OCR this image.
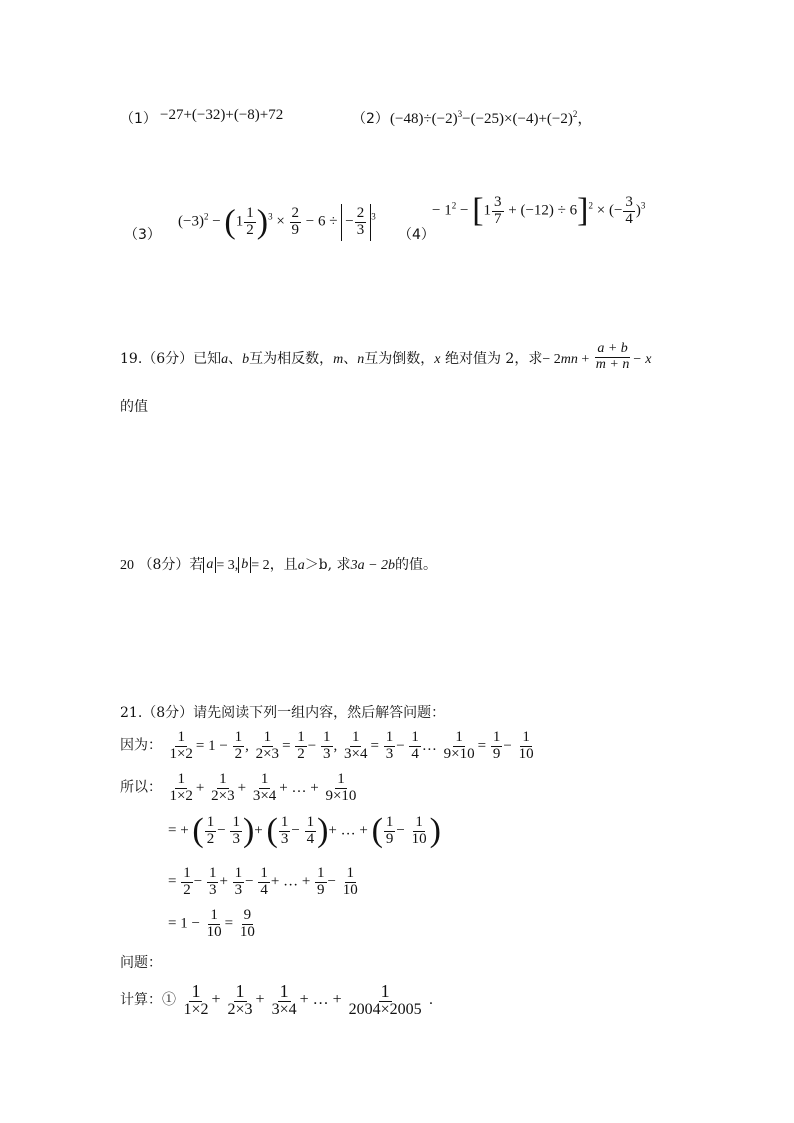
（1） −27+(−32)+(−8)+72	（2） $(-48)\div(-2)^3-(-25)\times(-4)+(-2)^2$，
（3）
$(-3)^2 - (1 \frac{1}{2} )^3 \times \frac{2}{9} - 6$ ÷ − $\frac{2}{3} ^3$
（4）
− $1^2 - [1 \frac{3}{7} + (-12) \div 6]^2$ × (− $\frac{3}{4} )^3$
19.（6分）已知a、b互为相反数，m、n互为倒数，x 绝对值为 2，求− $2mn + \frac{a + b}{m + n} - x$
的值
20 （8分）若 a = 3, b = 2，且a＞b, 求3a − 2b的值。
21.（8分）请先阅读下列一组内容，然后解答问题：
因为： $\frac{1}{1\times 2} = 1 - \frac{1}{2}$ , $\frac{1}{2\times 3} = \frac{1}{2} - \frac{1}{3}$ , $\frac{1}{3\times 4} = \frac{1}{3} - \frac{1}{4}$ … $\frac{1}{9\times 10} = \frac{1}{9} - \frac{1}{10}$
所以： $\frac{1}{1\times 2} + \frac{1}{2\times 3} + \frac{1}{3\times 4}$ + … + $\frac{1}{9\times 10}$
= + ( $\frac{1}{2} - \frac{1}{3}$ )+ ( $\frac{1}{3} - \frac{1}{4}$ )+ … + ( $\frac{1}{9} - \frac{1}{10}$ )
= $\frac{1}{2} - \frac{1}{3} + \frac{1}{3} - \frac{1}{4}$ + … + $\frac{1}{9} - \frac{1}{10}$
= $1 - \frac{1}{10} = \frac{9}{10}$
问题：
计算：① $\frac{1}{1\times 2} + \frac{1}{2\times 3} + \frac{1}{3\times 4}$ + … + $\frac{1}{2004\times 2005}$ .
